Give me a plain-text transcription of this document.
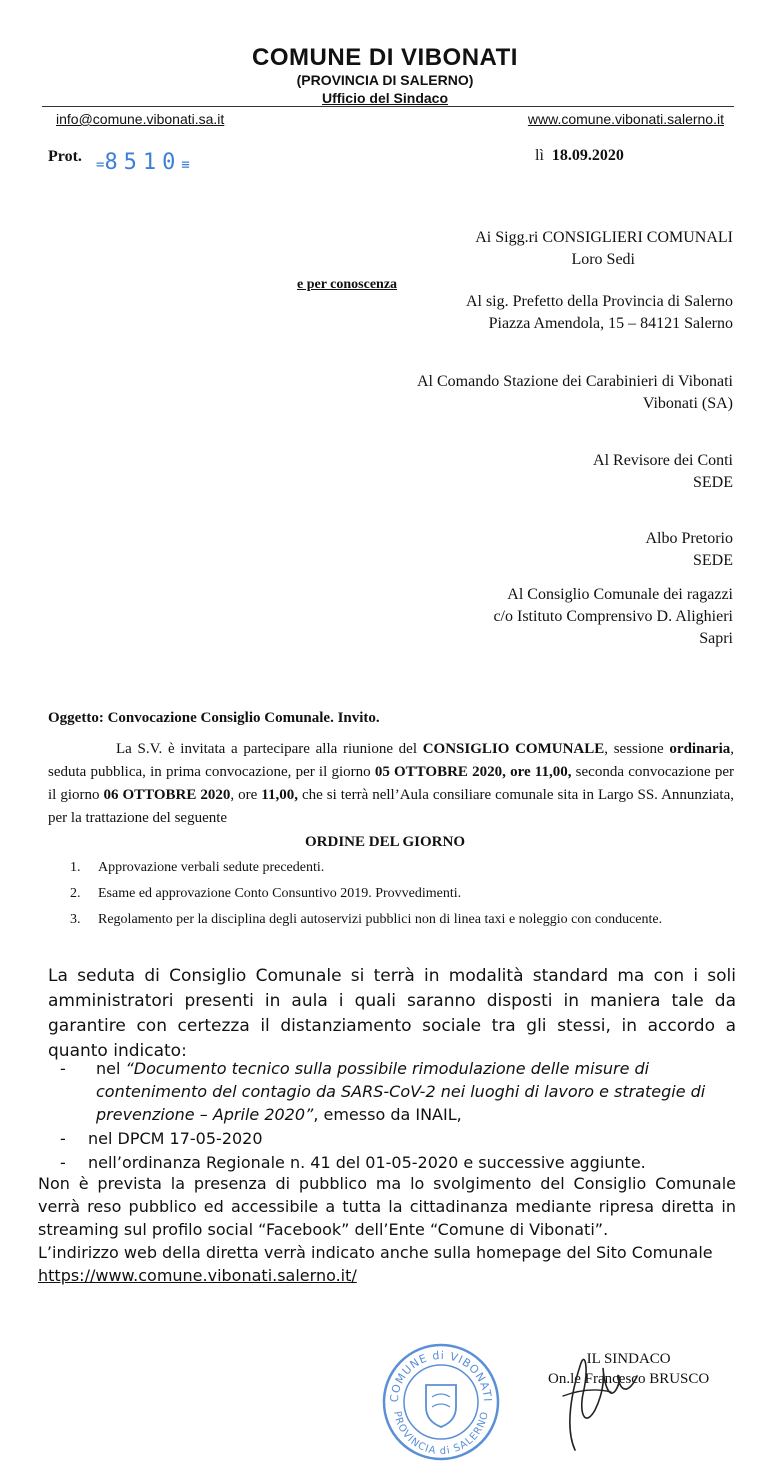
COMUNE DI VIBONATI
(PROVINCIA DI SALERNO)
Ufficio del Sindaco
info@comune.vibonati.sa.it	www.comune.vibonati.salerno.it
Prot. =8510≡
lì 18.09.2020
Ai Sigg.ri CONSIGLIERI COMUNALI
Loro Sedi
e per conoscenza
Al sig. Prefetto della Provincia di Salerno
Piazza Amendola, 15 – 84121 Salerno
Al Comando Stazione dei Carabinieri di Vibonati
Vibonati (SA)
Al Revisore dei Conti
SEDE
Albo Pretorio
SEDE
Al Consiglio Comunale dei ragazzi
c/o Istituto Comprensivo D. Alighieri
Sapri
Oggetto: Convocazione Consiglio Comunale. Invito.

La S.V. è invitata a partecipare alla riunione del CONSIGLIO COMUNALE, sessione ordinaria, seduta pubblica, in prima convocazione, per il giorno 05 OTTOBRE 2020, ore 11,00, seconda convocazione per il giorno 06 OTTOBRE 2020, ore 11,00, che si terrà nell’Aula consiliare comunale sita in Largo SS. Annunziata, per la trattazione del seguente

ORDINE DEL GIORNO
1. Approvazione verbali sedute precedenti.
2. Esame ed approvazione Conto Consuntivo 2019. Provvedimenti.
3. Regolamento per la disciplina degli autoservizi pubblici non di linea taxi e noleggio con conducente.
La seduta di Consiglio Comunale si terrà in modalità standard ma con i soli amministratori presenti in aula i quali saranno disposti in maniera tale da garantire con certezza il distanziamento sociale tra gli stessi, in accordo a quanto indicato:
-	nel “Documento tecnico sulla possibile rimodulazione delle misure di contenimento del contagio da SARS-CoV-2 nei luoghi di lavoro e strategie di prevenzione – Aprile 2020”, emesso da INAIL,
- nel DPCM 17-05-2020
- nell’ordinanza Regionale n. 41 del 01-05-2020 e successive aggiunte.
Non è prevista la presenza di pubblico ma lo svolgimento del Consiglio Comunale verrà reso pubblico ed accessibile a tutta la cittadinanza mediante ripresa diretta in streaming sul profilo social “Facebook” dell’Ente “Comune di Vibonati”.
L’indirizzo web della diretta verrà indicato anche sulla homepage del Sito Comunale
https://www.comune.vibonati.salerno.it/
COMUNE di VIBONATI
PROVINCIA di SALERNO
IL SINDACO
On.le Francesco BRUSCO
